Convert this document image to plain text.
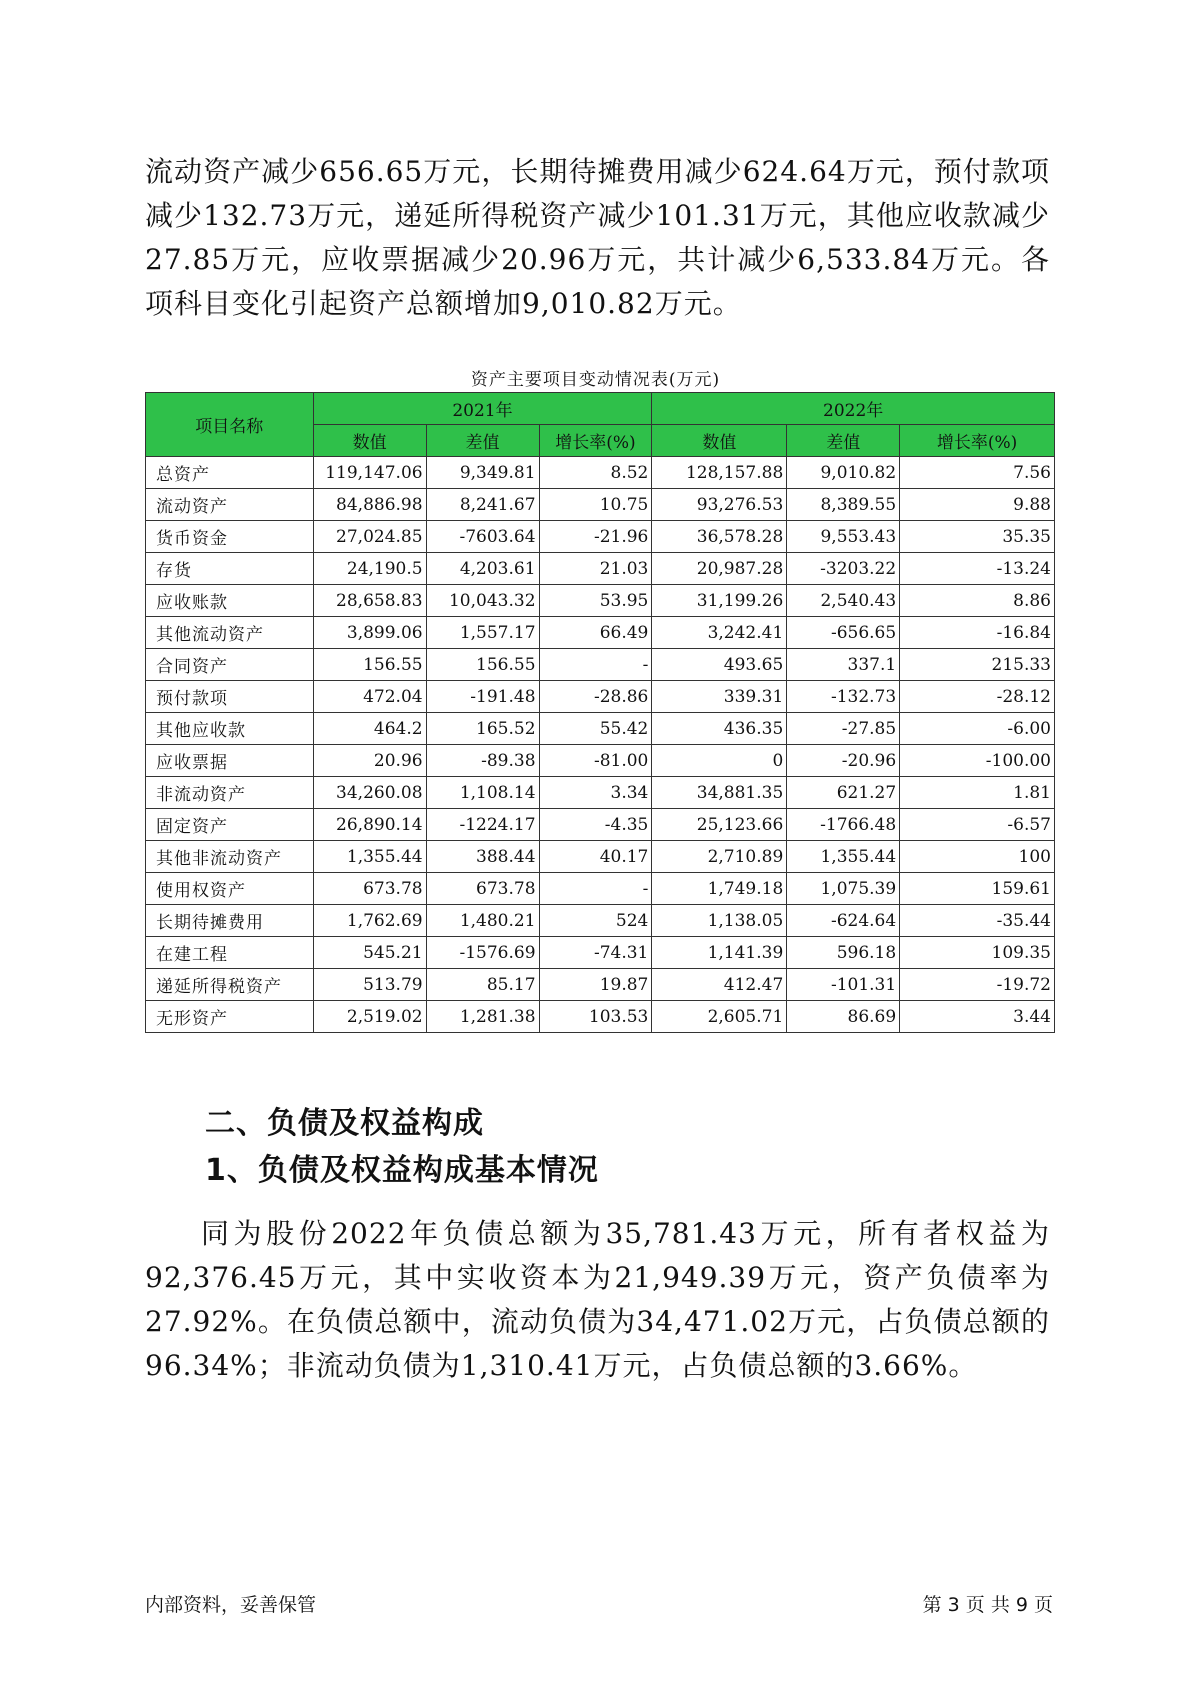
流动资产减少656.65万元，长期待摊费用减少624.64万元，预付款项减少132.73万元，递延所得税资产减少101.31万元，其他应收款减少27.85万元，应收票据减少20.96万元，共计减少6,533.84万元。各项科目变化引起资产总额增加9,010.82万元。

资产主要项目变动情况表(万元)
项目名称	2021年			2022年		
	数值	差值	增长率(%)	数值	差值	增长率(%)
总资产	119,147.06	9,349.81	8.52	128,157.88	9,010.82	7.56
流动资产	84,886.98	8,241.67	10.75	93,276.53	8,389.55	9.88
货币资金	27,024.85	-7603.64	-21.96	36,578.28	9,553.43	35.35
存货	24,190.5	4,203.61	21.03	20,987.28	-3203.22	-13.24
应收账款	28,658.83	10,043.32	53.95	31,199.26	2,540.43	8.86
其他流动资产	3,899.06	1,557.17	66.49	3,242.41	-656.65	-16.84
合同资产	156.55	156.55	-	493.65	337.1	215.33
预付款项	472.04	-191.48	-28.86	339.31	-132.73	-28.12
其他应收款	464.2	165.52	55.42	436.35	-27.85	-6.00
应收票据	20.96	-89.38	-81.00	0	-20.96	-100.00
非流动资产	34,260.08	1,108.14	3.34	34,881.35	621.27	1.81
固定资产	26,890.14	-1224.17	-4.35	25,123.66	-1766.48	-6.57
其他非流动资产	1,355.44	388.44	40.17	2,710.89	1,355.44	100
使用权资产	673.78	673.78	-	1,749.18	1,075.39	159.61
长期待摊费用	1,762.69	1,480.21	524	1,138.05	-624.64	-35.44
在建工程	545.21	-1576.69	-74.31	1,141.39	596.18	109.35
递延所得税资产	513.79	85.17	19.87	412.47	-101.31	-19.72
无形资产	2,519.02	1,281.38	103.53	2,605.71	86.69	3.44
二、负债及权益构成
1、负债及权益构成基本情况

同为股份2022年负债总额为35,781.43万元，所有者权益为92,376.45万元，其中实收资本为21,949.39万元，资产负债率为27.92%。在负债总额中，流动负债为34,471.02万元，占负债总额的96.34%；非流动负债为1,310.41万元，占负债总额的3.66%。

内部资料，妥善保管	第 3 页 共 9 页
